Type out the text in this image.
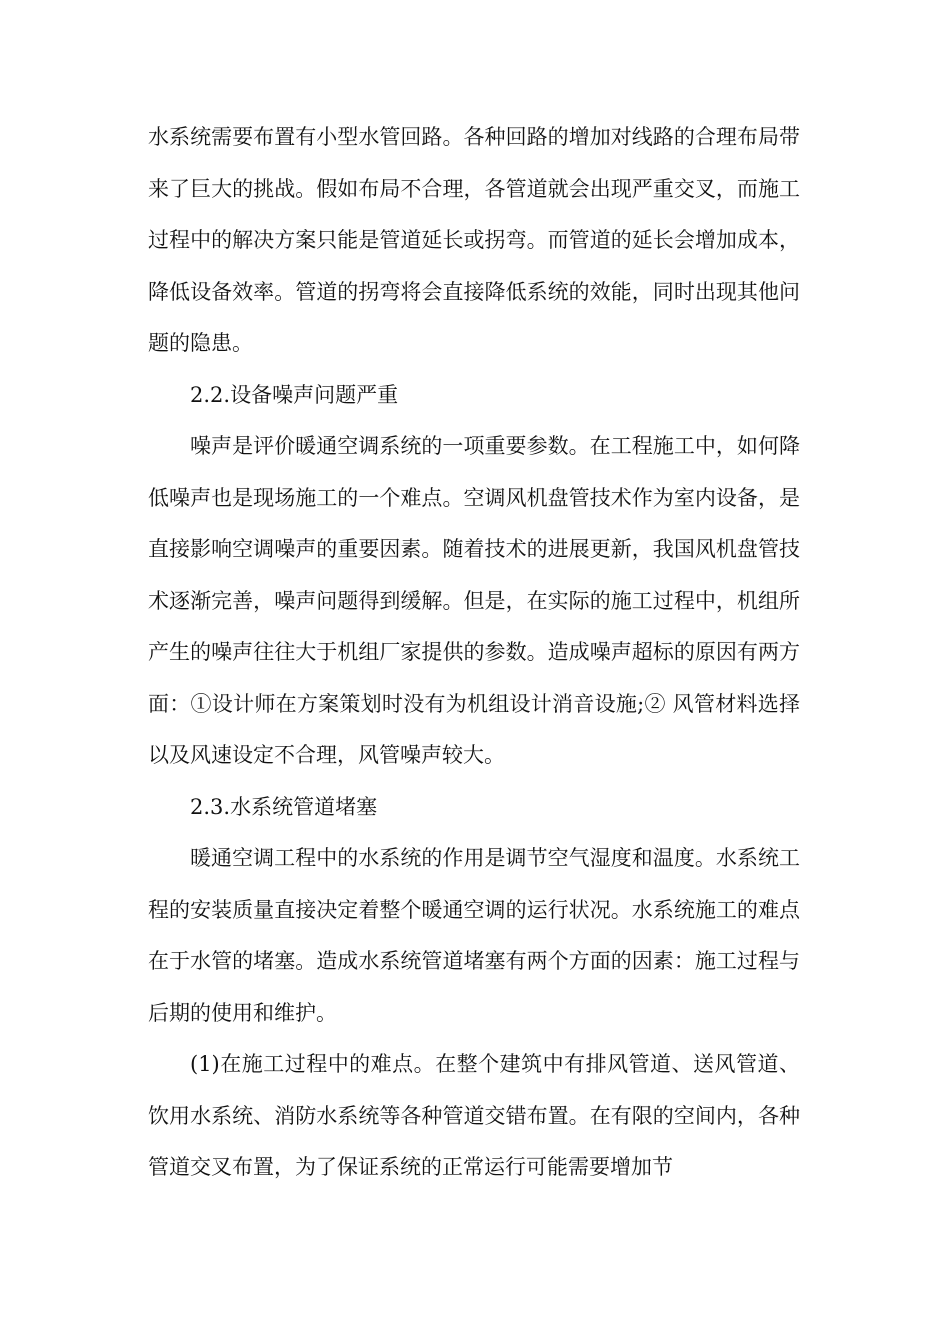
水系统需要布置有小型水管回路。各种回路的增加对线路的合理布局带来了巨大的挑战。假如布局不合理，各管道就会出现严重交叉，而施工过程中的解决方案只能是管道延长或拐弯。而管道的延长会增加成本，降低设备效率。管道的拐弯将会直接降低系统的效能，同时出现其他问题的隐患。

2.2.设备噪声问题严重

噪声是评价暖通空调系统的一项重要参数。在工程施工中，如何降低噪声也是现场施工的一个难点。空调风机盘管技术作为室内设备，是直接影响空调噪声的重要因素。随着技术的进展更新，我国风机盘管技术逐渐完善，噪声问题得到缓解。但是，在实际的施工过程中，机组所产生的噪声往往大于机组厂家提供的参数。造成噪声超标的原因有两方面：①设计师在方案策划时没有为机组设计消音设施;② 风管材料选择以及风速设定不合理，风管噪声较大。

2.3.水系统管道堵塞

暖通空调工程中的水系统的作用是调节空气湿度和温度。水系统工程的安装质量直接决定着整个暖通空调的运行状况。水系统施工的难点在于水管的堵塞。造成水系统管道堵塞有两个方面的因素：施工过程与后期的使用和维护。

(1)在施工过程中的难点。在整个建筑中有排风管道、送风管道、饮用水系统、消防水系统等各种管道交错布置。在有限的空间内，各种管道交叉布置，为了保证系统的正常运行可能需要增加节
